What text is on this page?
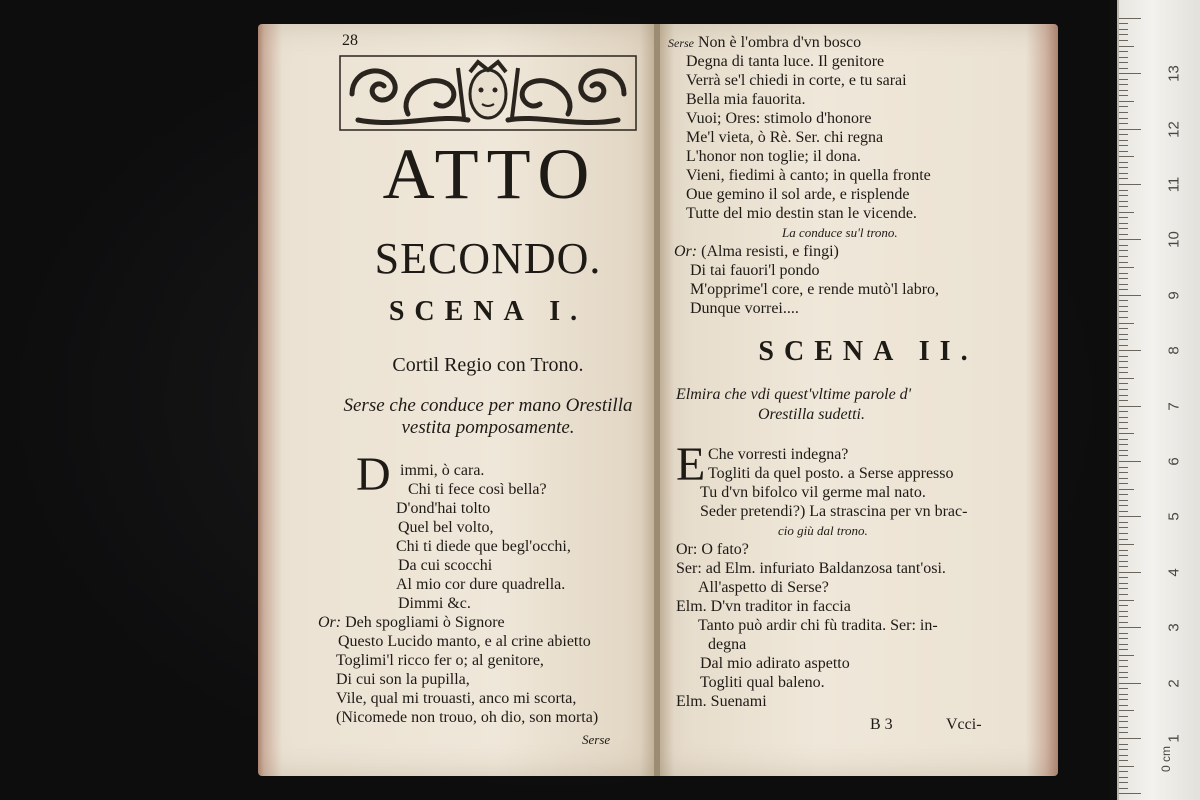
0 cm
13
12
11
10
9
8
7
6
5
4
3
2
1
28
ATTO
SECONDO.
SCENA I.
Cortil Regio con Trono.
Serse che conduce per mano Orestilla
vestita pomposamente.
D immi, ò cara.
Chi ti fece così bella?
D'ond'hai tolto
Quel bel volto,
Chi ti diede que begl'occhi,
Da cui scocchi
Al mio cor dure quadrella.
Dimmi &c.
Or: Deh spogliami ò Signore
Questo Lucido manto, e al crine abietto
Toglimi'l ricco fer o; al genitore,
Di cui son la pupilla,
Vile, qual mi trouasti, anco mi scorta,
(Nicomede non trouo, oh dio, son morta)
Serse
Serse Non è l'ombra d'vn bosco
Degna di tanta luce. Il genitore
Verrà se'l chiedi in corte, e tu sarai
Bella mia fauorita.
Vuoi; Ores: stimolo d'honore
Me'l vieta, ò Rè. Ser. chi regna
L'honor non toglie; il dona.
Vieni, fiedimi à canto; in quella fronte
Oue gemino il sol arde, e risplende
Tutte del mio destin stan le vicende.
La conduce su'l trono.
Or: (Alma resisti, e fingi)
Di tai fauori'l pondo
M'opprime'l core, e rende mutò'l labro,
Dunque vorrei....
SCENA II.
Elmira che vdi quest'vltime parole d'
Orestilla sudetti.
E Che vorresti indegna?
Togliti da quel posto. a Serse appresso
Tu d'vn bifolco vil germe mal nato.
Seder pretendi?) La strascina per vn brac-
cio giù dal trono.
Or: O fato?
Ser: ad Elm. infuriato Baldanzosa tant'osi.
All'aspetto di Serse?
Elm. D'vn traditor in faccia
Tanto può ardir chi fù tradita. Ser: in-
degna
Dal mio adirato aspetto
Togliti qual baleno.
Elm. Suenami
B 3	Vcci-
